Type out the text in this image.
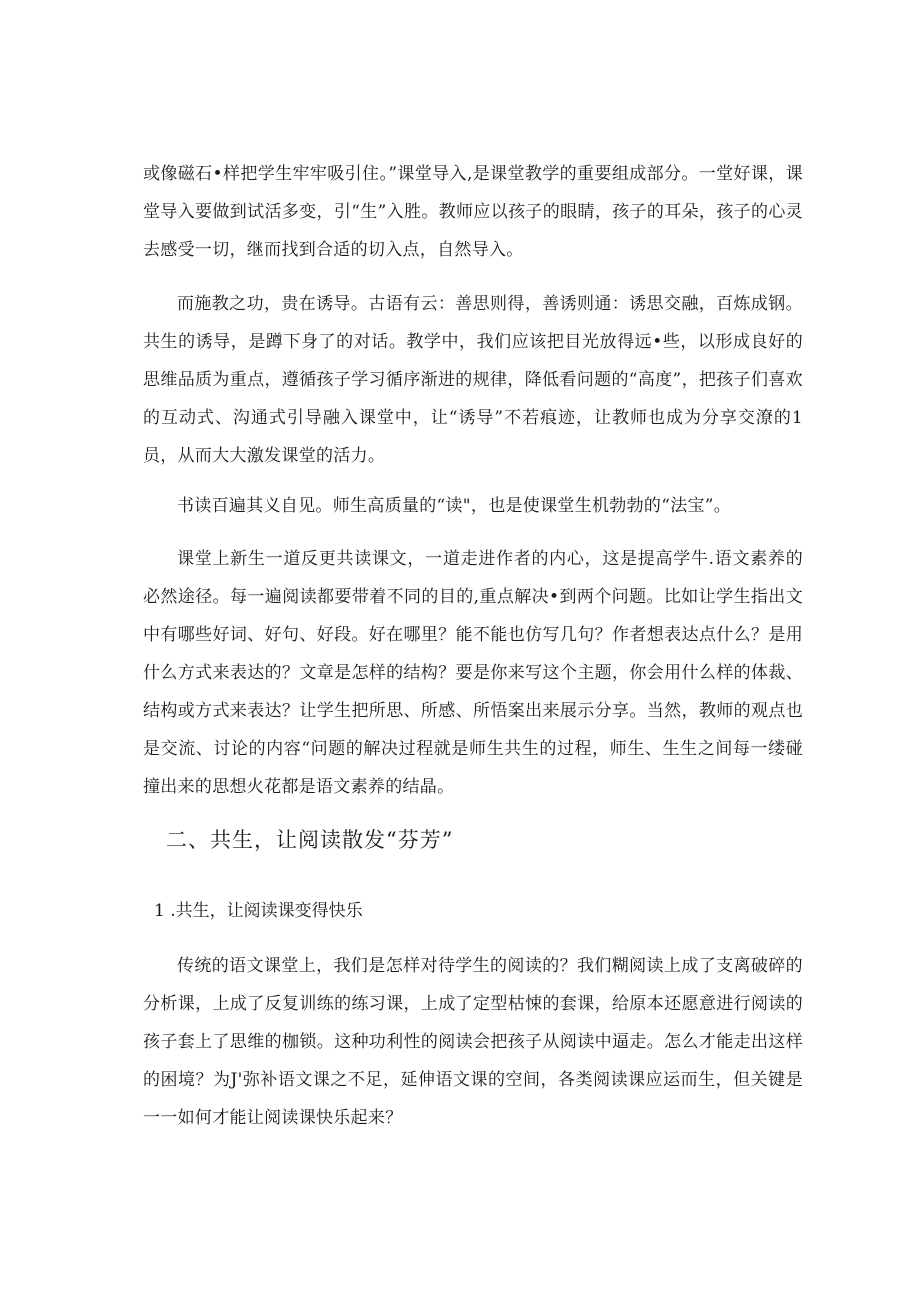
或像磁石•样把学生牢牢吸引住。”课堂导入,是课堂教学的重要组成部分。一堂好课，课堂导入要做到试活多变，引“生”入胜。教师应以孩子的眼睛，孩子的耳朵，孩子的心灵去感受一切，继而找到合适的切入点，自然导入。

而施教之功，贵在诱导。古语有云：善思则得，善诱则通：诱思交融，百炼成钢。共生的诱导，是蹲下身了的对话。教学中，我们应该把目光放得远•些，以形成良好的思维品质为重点，遵循孩子学习循序渐进的规律，降低看问题的“高度”，把孩子们喜欢的互动式、沟通式引导融入课堂中，让“诱导”不若痕迹，让教师也成为分享交潦的1员，从而大大激发课堂的活力。

书读百遍其义自见。师生高质量的“读"，也是使课堂生机勃勃的“法宝”。

课堂上新生一道反更共读课文，一道走进作者的内心，这是提高学牛.语文素养的必然途径。每一遍阅读都要带着不同的目的,重点解决•到两个问题。比如让学生指出文中有哪些好词、好句、好段。好在哪里？能不能也仿写几句？作者想表达点什么？是用什么方式来表达的？文章是怎样的结构？要是你来写这个主题，你会用什么样的体裁、结构或方式来表达？让学生把所思、所感、所悟案出来展示分享。当然，教师的观点也是交流、讨论的内容“问题的解决过程就是师生共生的过程，师生、生生之间每一缕碰撞出来的思想火花都是语文素养的结晶。

二、共生，让阅读散发“芬芳”
1 .共生，让阅读课变得快乐

传统的语文课堂上，我们是怎样对待学生的阅读的？我们糊阅读上成了支离破碎的分析课，上成了反复训练的练习课，上成了定型枯悚的套课，给原本还愿意进行阅读的孩子套上了思维的枷锁。这种功利性的阅读会把孩子从阅读中逼走。怎么才能走出这样的困境？为J'弥补语文课之不足，延伸语文课的空间，各类阅读课应运而生，但关键是一一如何才能让阅读课快乐起来？
